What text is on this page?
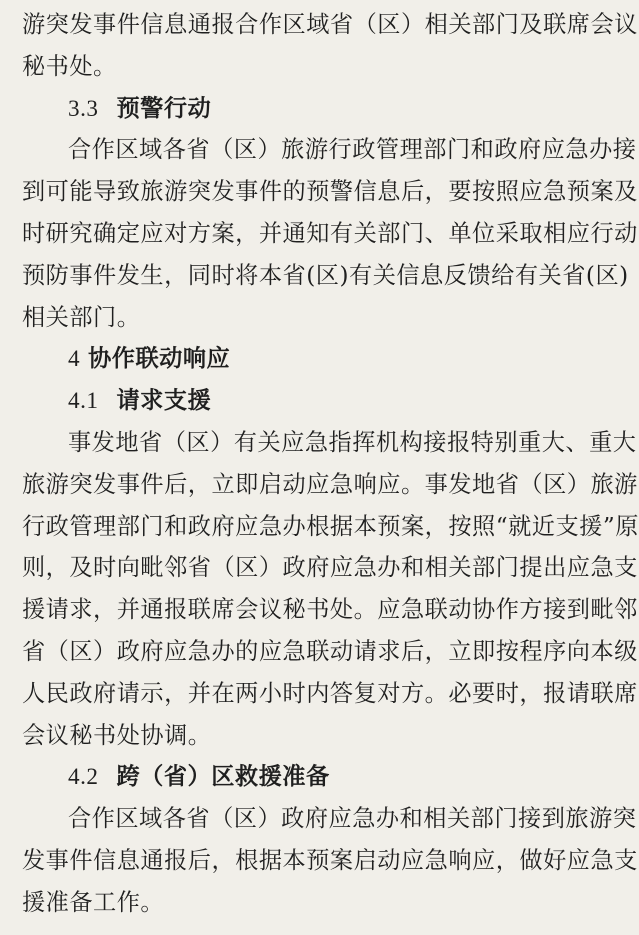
游突发事件信息通报合作区域省（区）相关部门及联席会议
秘书处。
3.3 预警行动
合作区域各省（区）旅游行政管理部门和政府应急办接
到可能导致旅游突发事件的预警信息后，要按照应急预案及
时研究确定应对方案，并通知有关部门、单位采取相应行动
预防事件发生，同时将本省(区)有关信息反馈给有关省(区)
相关部门。
4 协作联动响应
4.1 请求支援
事发地省（区）有关应急指挥机构接报特别重大、重大
旅游突发事件后，立即启动应急响应。事发地省（区）旅游
行政管理部门和政府应急办根据本预案，按照“就近支援”原
则，及时向毗邻省（区）政府应急办和相关部门提出应急支
援请求，并通报联席会议秘书处。应急联动协作方接到毗邻
省（区）政府应急办的应急联动请求后，立即按程序向本级
人民政府请示，并在两小时内答复对方。必要时，报请联席
会议秘书处协调。
4.2 跨（省）区救援准备
合作区域各省（区）政府应急办和相关部门接到旅游突
发事件信息通报后，根据本预案启动应急响应，做好应急支
援准备工作。
